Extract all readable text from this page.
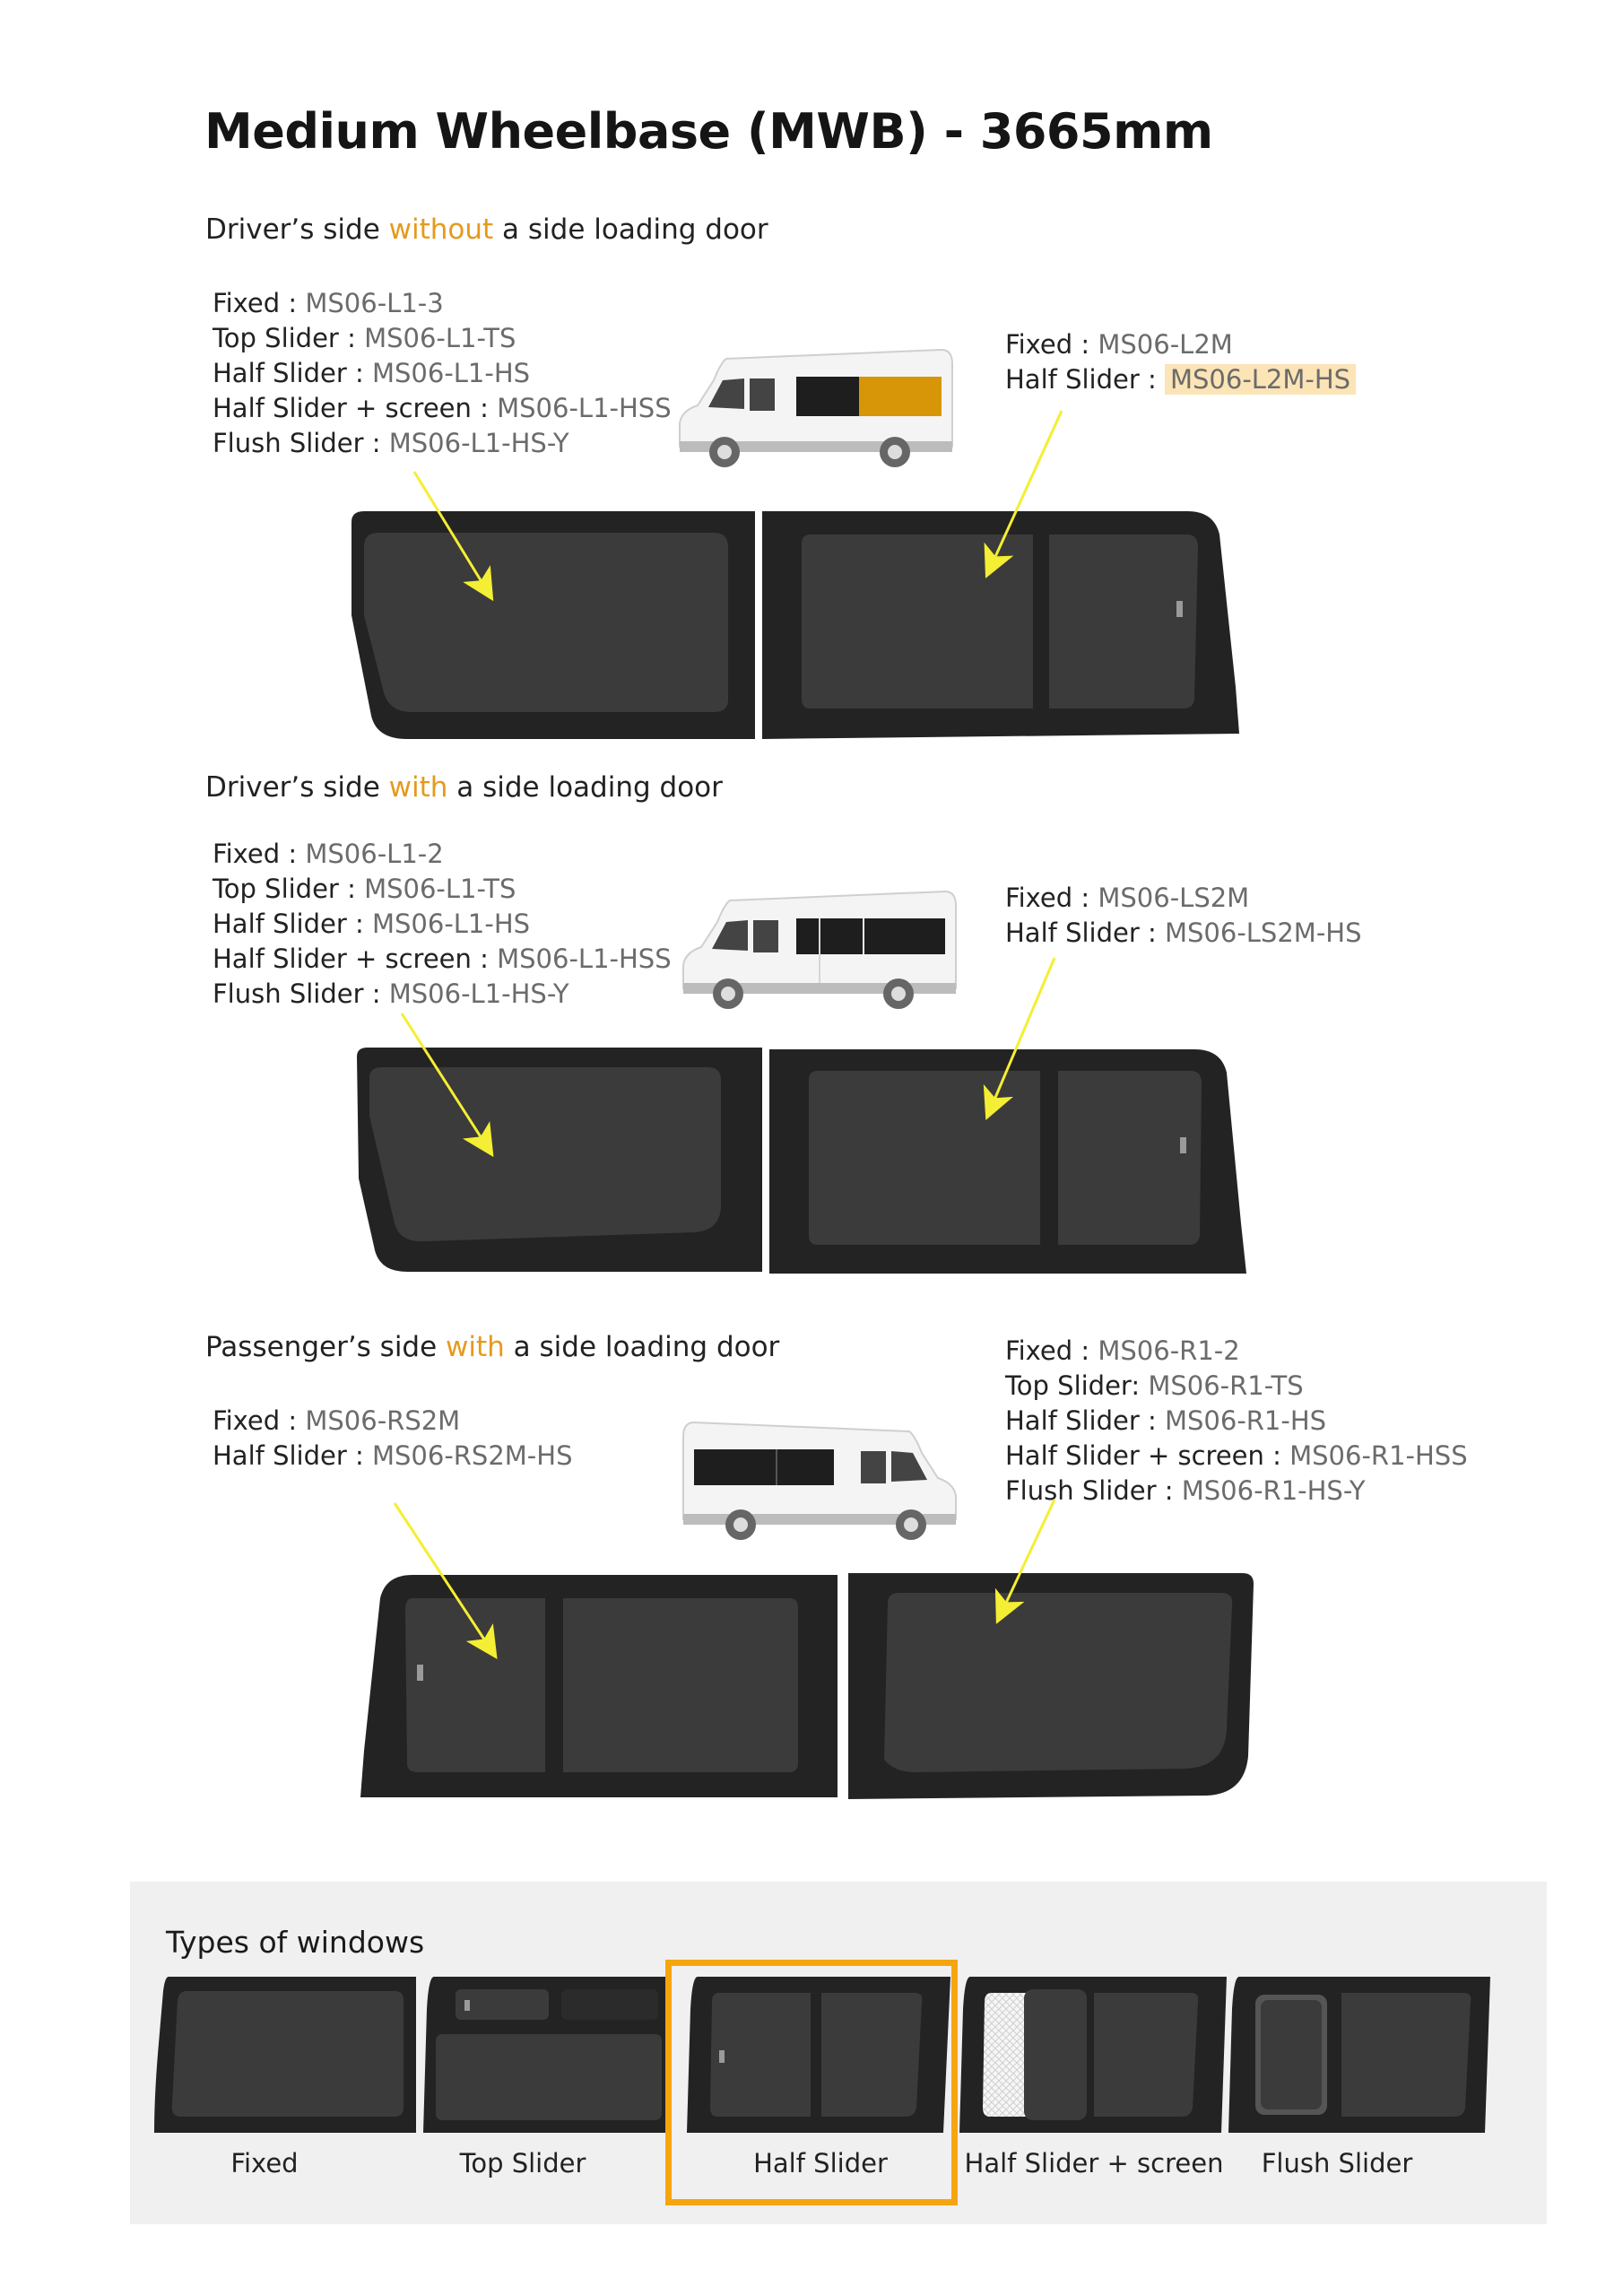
Medium Wheelbase (MWB) - 3665mm
Driver’s side without a side loading door
Fixed : MS06-L1-3
Top Slider : MS06-L1-TS
Half Slider : MS06-L1-HS
Half Slider + screen : MS06-L1-HSS
Flush Slider : MS06-L1-HS-Y
Fixed : MS06-L2M
Half Slider : MS06-L2M-HS
Driver’s side with a side loading door
Fixed : MS06-L1-2
Top Slider : MS06-L1-TS
Half Slider : MS06-L1-HS
Half Slider + screen : MS06-L1-HSS
Flush Slider : MS06-L1-HS-Y
Fixed : MS06-LS2M
Half Slider : MS06-LS2M-HS
Passenger’s side with a side loading door
Fixed : MS06-RS2M
Half Slider : MS06-RS2M-HS
Fixed : MS06-R1-2
Top Slider: MS06-R1-TS
Half Slider : MS06-R1-HS
Half Slider + screen : MS06-R1-HSS
Flush Slider : MS06-R1-HS-Y
Types of windows
Fixed	Top Slider	Half Slider	Half Slider + screen	Flush Slider
